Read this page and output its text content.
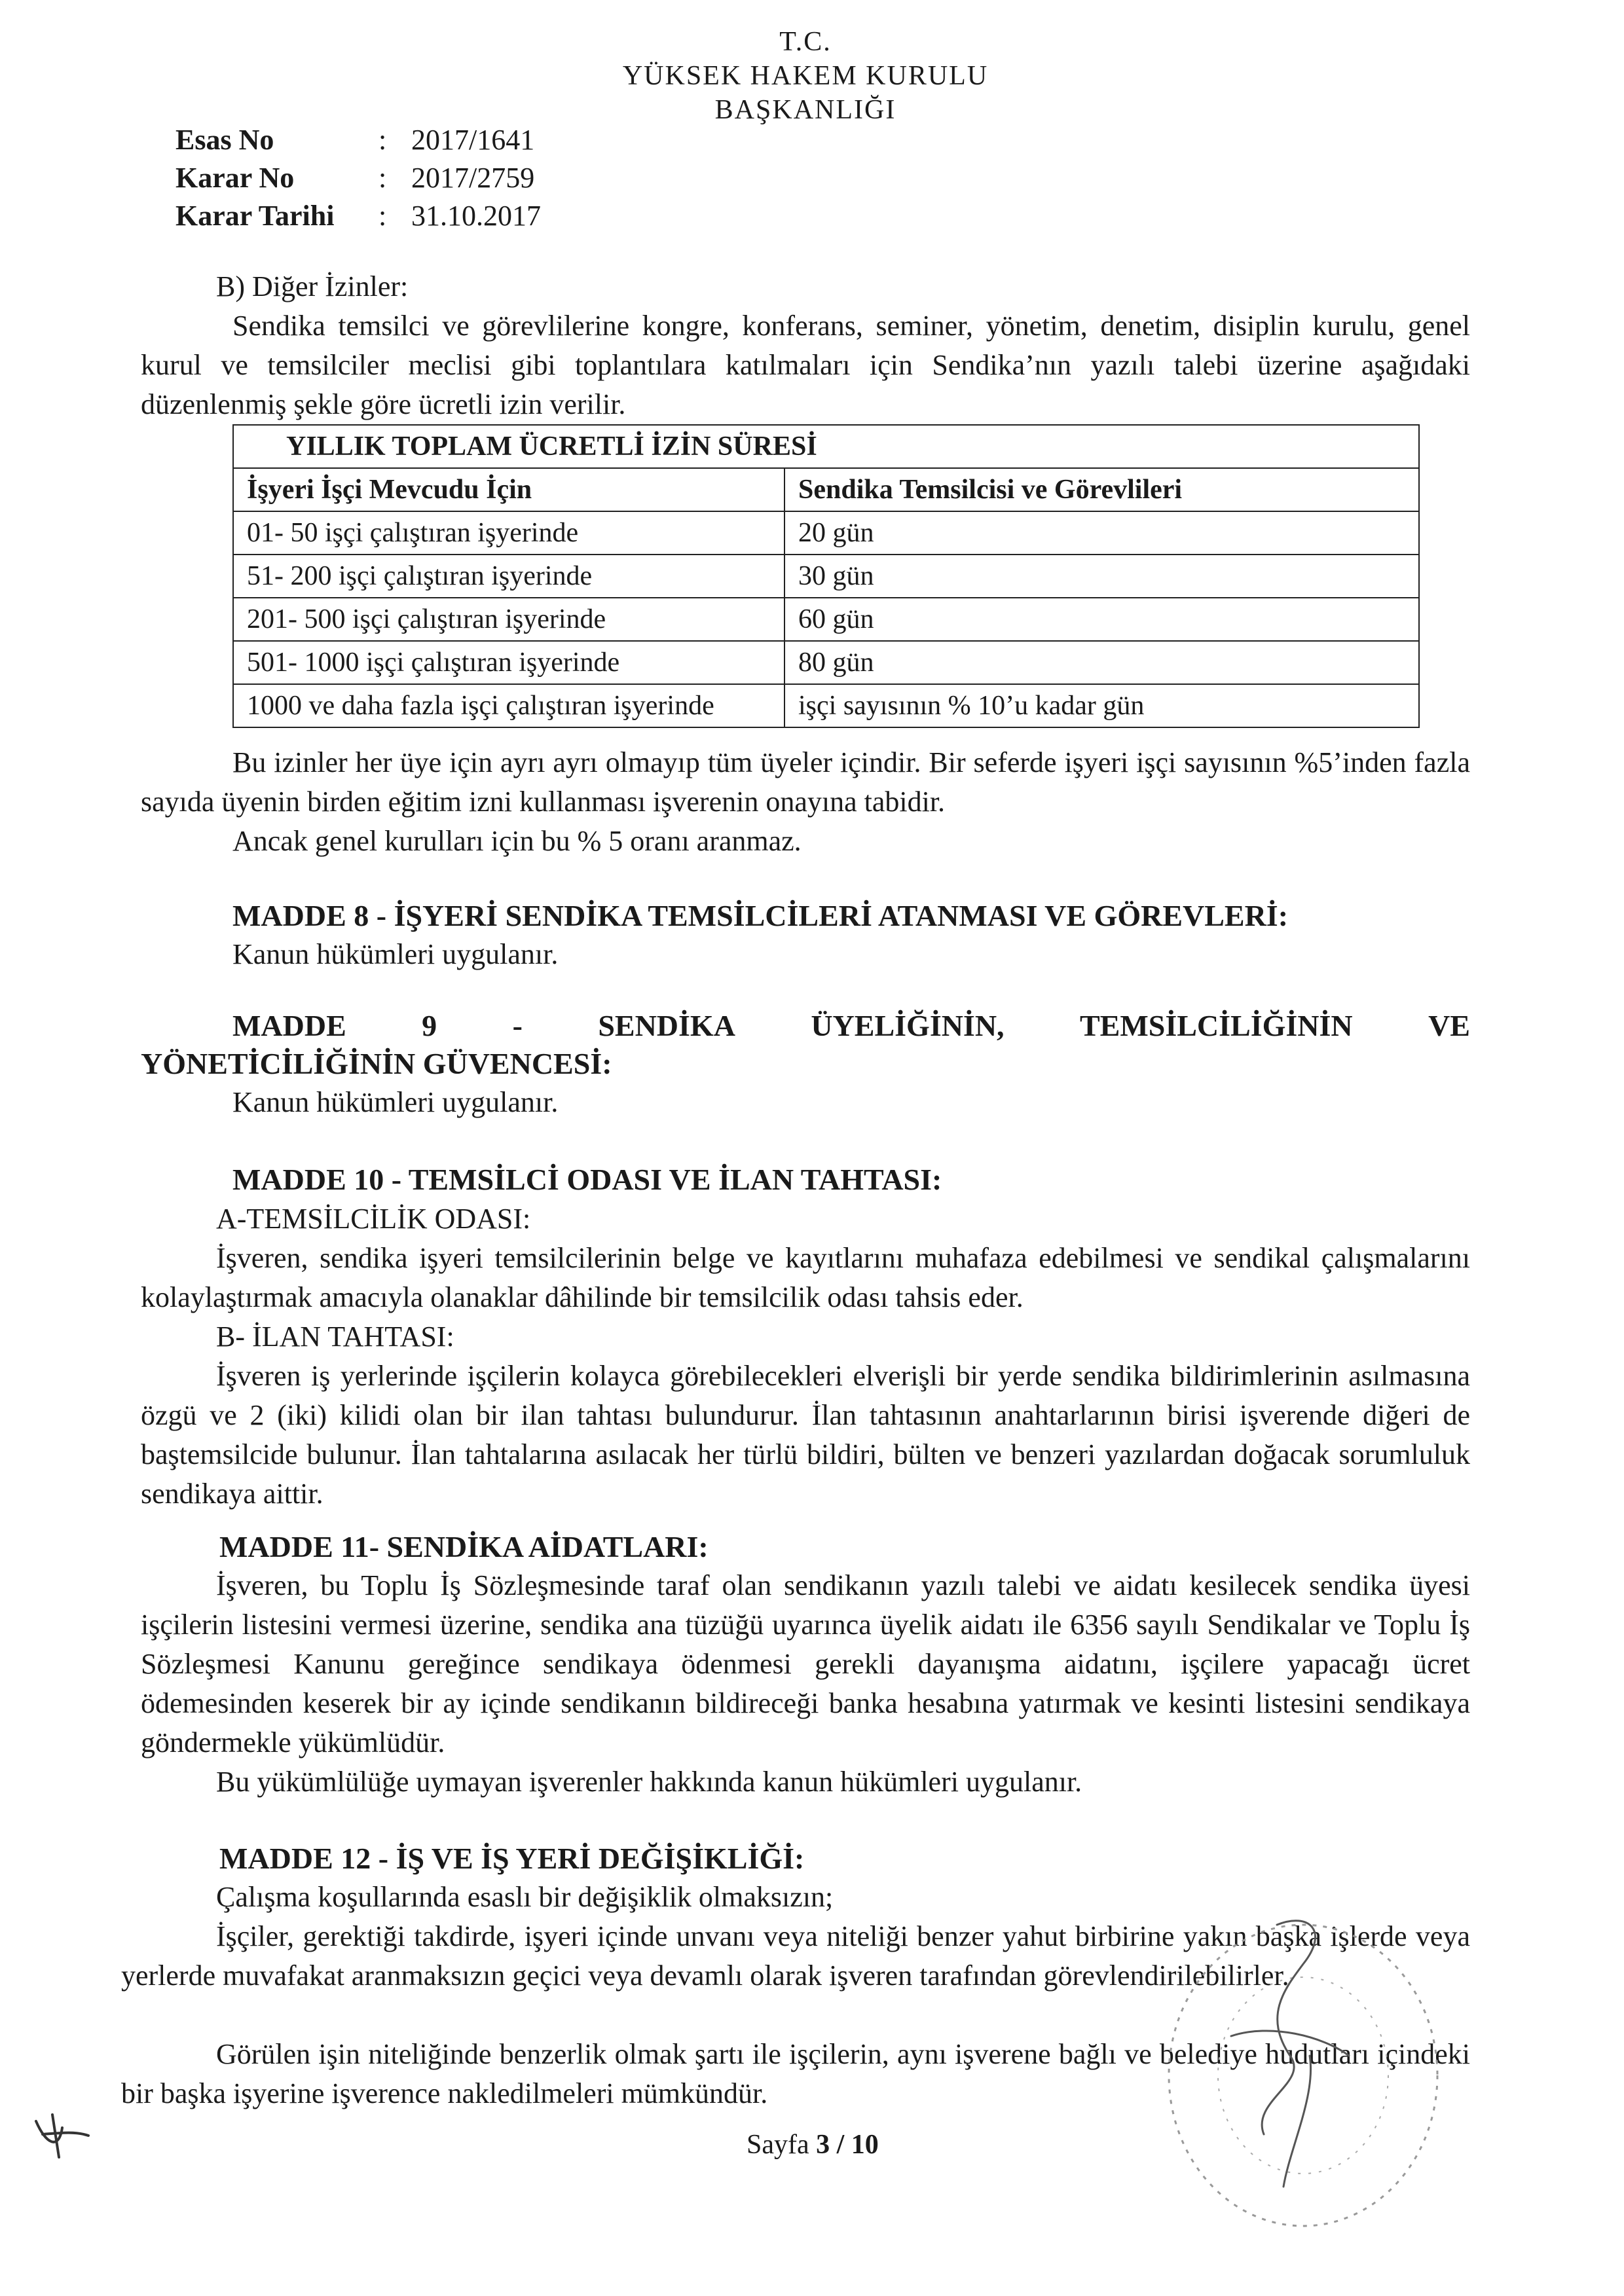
T.C.
YÜKSEK HAKEM KURULU
BAŞKANLIĞI
Esas No	: 2017/1641
Karar No	: 2017/2759
Karar Tarihi	: 31.10.2017
B) Diğer İzinler:
Sendika temsilci ve görevlilerine kongre, konferans, seminer, yönetim, denetim, disiplin kurulu, genel kurul ve temsilciler meclisi gibi toplantılara katılmaları için Sendika’nın yazılı talebi üzerine aşağıdaki düzenlenmiş şekle göre ücretli izin verilir.
YILLIK TOPLAM ÜCRETLİ İZİN SÜRESİ	
İşyeri İşçi Mevcudu İçin	Sendika Temsilcisi ve Görevlileri
01- 50 işçi çalıştıran işyerinde	20 gün
51- 200 işçi çalıştıran işyerinde	30 gün
201- 500 işçi çalıştıran işyerinde	60 gün
501- 1000 işçi çalıştıran işyerinde	80 gün
1000 ve daha fazla işçi çalıştıran işyerinde	işçi sayısının % 10’u kadar gün
Bu izinler her üye için ayrı ayrı olmayıp tüm üyeler içindir. Bir seferde işyeri işçi sayısının %5’inden fazla sayıda üyenin birden eğitim izni kullanması işverenin onayına tabidir.
Ancak genel kurulları için bu % 5 oranı aranmaz.
MADDE 8 - İŞYERİ SENDİKA TEMSİLCİLERİ ATANMASI VE GÖREVLERİ:
Kanun hükümleri uygulanır.
MADDE	9	-	SENDİKA	ÜYELİĞİNİN,	TEMSİLCİLİĞİNİN	VE
YÖNETİCİLİĞİNİN GÜVENCESİ:
Kanun hükümleri uygulanır.
MADDE 10 - TEMSİLCİ ODASI VE İLAN TAHTASI:
A-TEMSİLCİLİK ODASI:
İşveren, sendika işyeri temsilcilerinin belge ve kayıtlarını muhafaza edebilmesi ve sendikal çalışmalarını kolaylaştırmak amacıyla olanaklar dâhilinde bir temsilcilik odası tahsis eder.
B- İLAN TAHTASI:
İşveren iş yerlerinde işçilerin kolayca görebilecekleri elverişli bir yerde sendika bildirimlerinin asılmasına özgü ve 2 (iki) kilidi olan bir ilan tahtası bulundurur. İlan tahtasının anahtarlarının birisi işverende diğeri de baştemsilcide bulunur. İlan tahtalarına asılacak her türlü bildiri, bülten ve benzeri yazılardan doğacak sorumluluk sendikaya aittir.
MADDE 11- SENDİKA AİDATLARI:
İşveren, bu Toplu İş Sözleşmesinde taraf olan sendikanın yazılı talebi ve aidatı kesilecek sendika üyesi işçilerin listesini vermesi üzerine, sendika ana tüzüğü uyarınca üyelik aidatı ile 6356 sayılı Sendikalar ve Toplu İş Sözleşmesi Kanunu gereğince sendikaya ödenmesi gerekli dayanışma aidatını, işçilere yapacağı ücret ödemesinden keserek bir ay içinde sendikanın bildireceği banka hesabına yatırmak ve kesinti listesini sendikaya göndermekle yükümlüdür.
Bu yükümlülüğe uymayan işverenler hakkında kanun hükümleri uygulanır.
MADDE 12 - İŞ VE İŞ YERİ DEĞİŞİKLİĞİ:
Çalışma koşullarında esaslı bir değişiklik olmaksızın;
İşçiler, gerektiği takdirde, işyeri içinde unvanı veya niteliği benzer yahut birbirine yakın başka işlerde veya yerlerde muvafakat aranmaksızın geçici veya devamlı olarak işveren tarafından görevlendirilebilirler.
Görülen işin niteliğinde benzerlik olmak şartı ile işçilerin, aynı işverene bağlı ve belediye hudutları içindeki bir başka işyerine işverence nakledilmeleri mümkündür.
Sayfa 3 / 10
